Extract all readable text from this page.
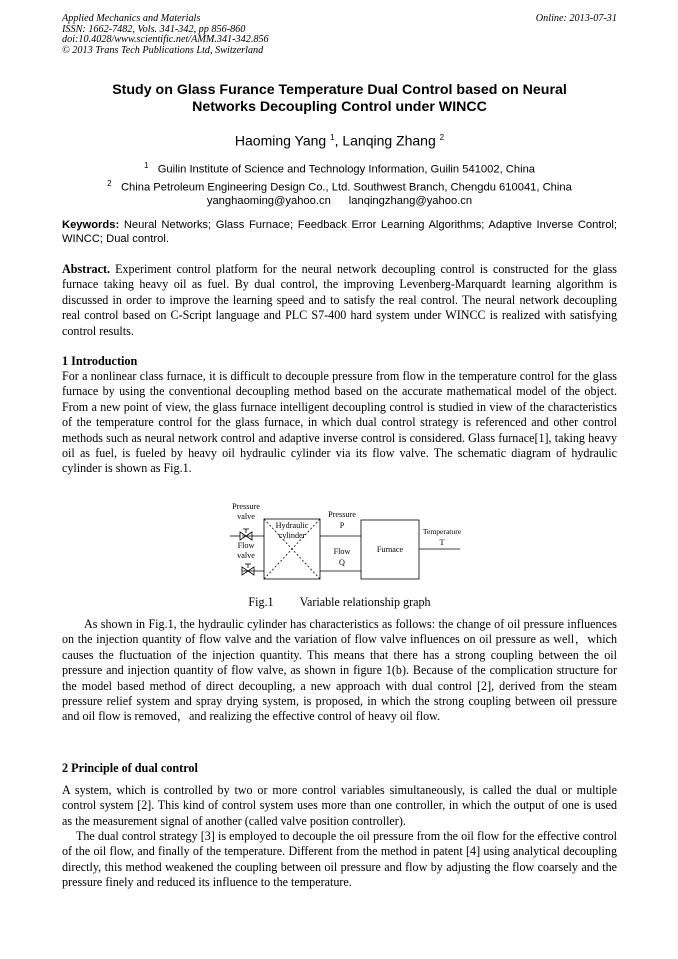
Applied Mechanics and Materials
ISSN: 1662-7482, Vols. 341-342, pp 856-860
doi:10.4028/www.scientific.net/AMM.341-342.856
© 2013 Trans Tech Publications Ltd, Switzerland
Online: 2013-07-31
Study on Glass Furance Temperature Dual Control based on Neural
Networks Decoupling Control under WINCC
Haoming Yang $^1$, Lanqing Zhang $^2$
$^1$ Guilin Institute of Science and Technology Information, Guilin 541002, China
$^2$ China Petroleum Engineering Design Co., Ltd. Southwest Branch, Chengdu 610041, China
yanghaoming@yahoo.cn lanqingzhang@yahoo.cn
Keywords: Neural Networks; Glass Furnace; Feedback Error Learning Algorithms; Adaptive Inverse Control; WINCC; Dual control.
Abstract. Experiment control platform for the neural network decoupling control is constructed for the glass furnace taking heavy oil as fuel. By dual control, the improving Levenberg-Marquardt learning algorithm is discussed in order to improve the learning speed and to satisfy the real control. The neural network decoupling real control based on C-Script language and PLC S7-400 hard system under WINCC is realized with satisfying control results.
1 Introduction
For a nonlinear class furnace, it is difficult to decouple pressure from flow in the temperature control for the glass furnace by using the conventional decoupling method based on the accurate mathematical model of the object. From a new point of view, the glass furnace intelligent decoupling control is studied in view of the characteristics of the temperature control for the glass furnace, in which dual control strategy is referenced and other control methods such as neural network control and adaptive inverse control is considered. Glass furnace[1], taking heavy oil as fuel, is fueled by heavy oil hydraulic cylinder via its flow valve. The schematic diagram of hydraulic cylinder is shown as Fig.1.
Pressure
valve
Flow
valve
Hydraulic
cylinder
Pressure
P
Flow
Q
Furnace
Temperature
T
Fig.1 Variable relationship graph
As shown in Fig.1, the hydraulic cylinder has characteristics as follows: the change of oil pressure influences on the injection quantity of flow valve and the variation of flow valve influences on oil pressure as well，which causes the fluctuation of the injection quantity. This means that there has a strong coupling between the oil pressure and injection quantity of flow valve, as shown in figure 1(b). Because of the complication structure for the model based method of direct decoupling, a new approach with dual control [2], derived from the steam pressure relief system and spray drying system, is proposed, in which the strong coupling between oil pressure and oil flow is removed，and realizing the effective control of heavy oil flow.
2 Principle of dual control
A system, which is controlled by two or more control variables simultaneously, is called the dual or multiple control system [2]. This kind of control system uses more than one controller, in which the output of one is used as the measurement signal of another (called valve position controller).
The dual control strategy [3] is employed to decouple the oil pressure from the oil flow for the effective control of the oil flow, and finally of the temperature. Different from the method in patent [4] using analytical decoupling directly, this method weakened the coupling between oil pressure and flow by adjusting the flow coarsely and the pressure finely and reduced its influence to the temperature.
